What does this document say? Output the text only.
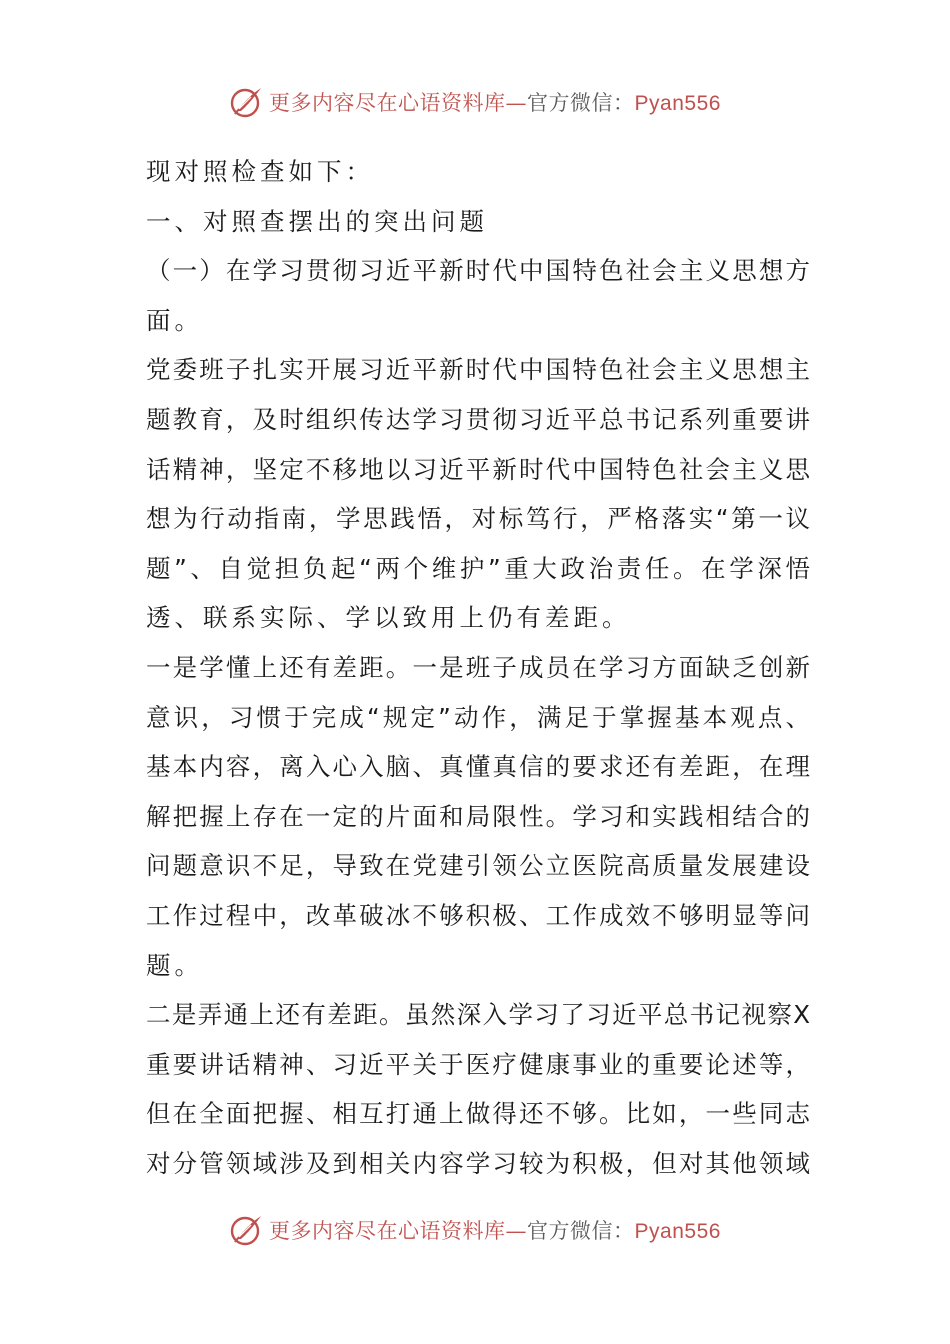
更多内容尽在心语资料库—官方微信：Pyan556
现对照检查如下：
一、对照查摆出的突出问题
（一）在学习贯彻习近平新时代中国特色社会主义思想方
面。
党委班子扎实开展习近平新时代中国特色社会主义思想主
题教育，及时组织传达学习贯彻习近平总书记系列重要讲
话精神，坚定不移地以习近平新时代中国特色社会主义思
想为行动指南，学思践悟，对标笃行，严格落实“第一议
题”、自觉担负起“两个维护”重大政治责任。在学深悟
透、联系实际、学以致用上仍有差距。
一是学懂上还有差距。一是班子成员在学习方面缺乏创新
意识，习惯于完成“规定”动作，满足于掌握基本观点、
基本内容，离入心入脑、真懂真信的要求还有差距，在理
解把握上存在一定的片面和局限性。学习和实践相结合的
问题意识不足，导致在党建引领公立医院高质量发展建设
工作过程中，改革破冰不够积极、工作成效不够明显等问
题。
二是弄通上还有差距。虽然深入学习了习近平总书记视察X
重要讲话精神、习近平关于医疗健康事业的重要论述等，
但在全面把握、相互打通上做得还不够。比如，一些同志
对分管领域涉及到相关内容学习较为积极，但对其他领域
更多内容尽在心语资料库—官方微信：Pyan556
